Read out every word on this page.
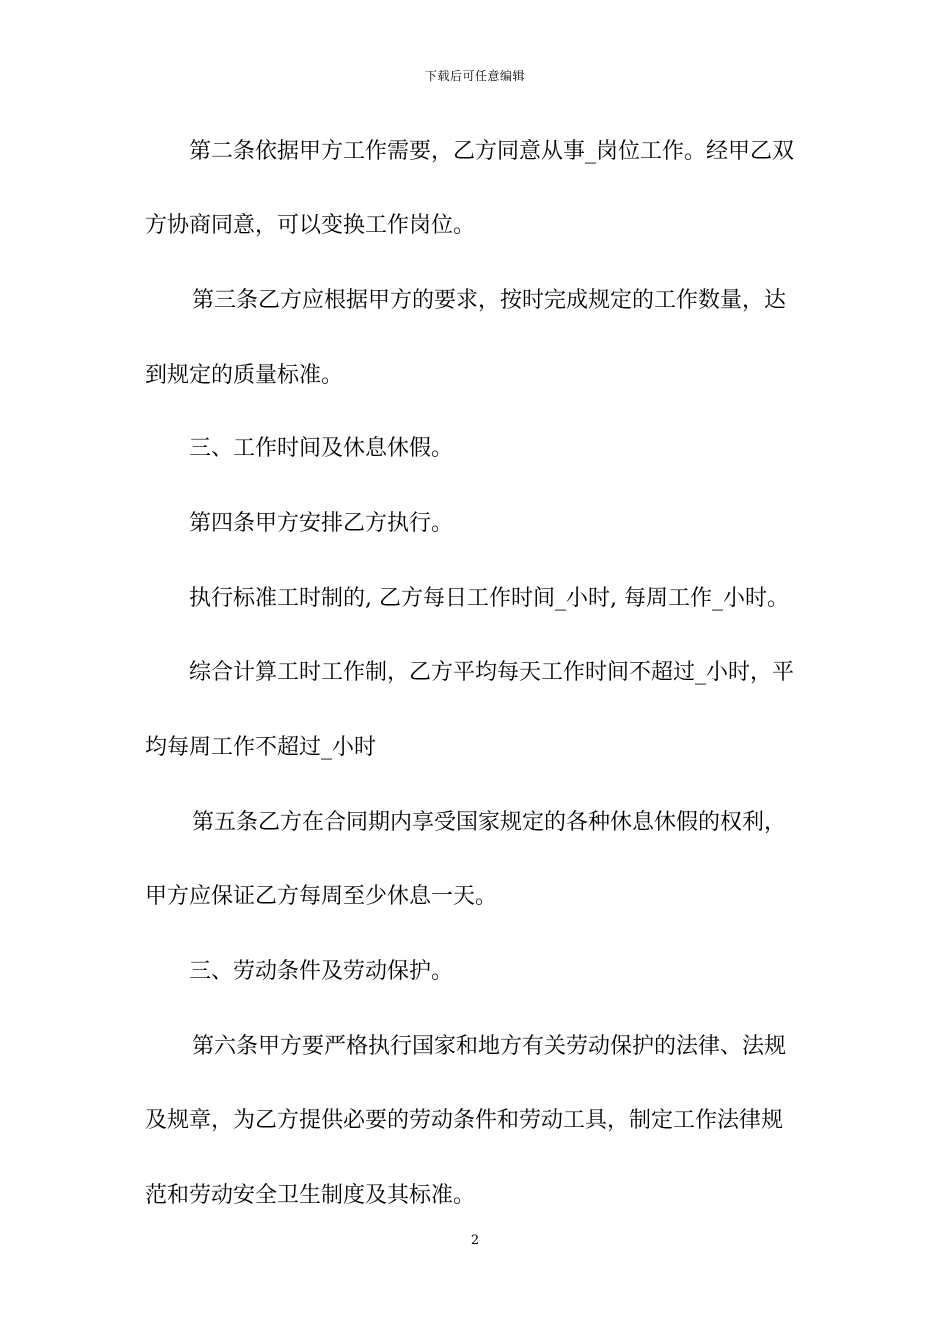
下载后可任意编辑
第二条依据甲方工作需要，乙方同意从事_岗位工作。经甲乙双
方协商同意，可以变换工作岗位。
第三条乙方应根据甲方的要求，按时完成规定的工作数量，达
到规定的质量标准。
三、工作时间及休息休假。
第四条甲方安排乙方执行。
执行标准工时制的, 乙方每日工作时间_小时, 每周工作_小时。
综合计算工时工作制，乙方平均每天工作时间不超过_小时，平
均每周工作不超过_小时
第五条乙方在合同期内享受国家规定的各种休息休假的权利，
甲方应保证乙方每周至少休息一天。
三、劳动条件及劳动保护。
第六条甲方要严格执行国家和地方有关劳动保护的法律、法规
及规章，为乙方提供必要的劳动条件和劳动工具，制定工作法律规
范和劳动安全卫生制度及其标准。
2
